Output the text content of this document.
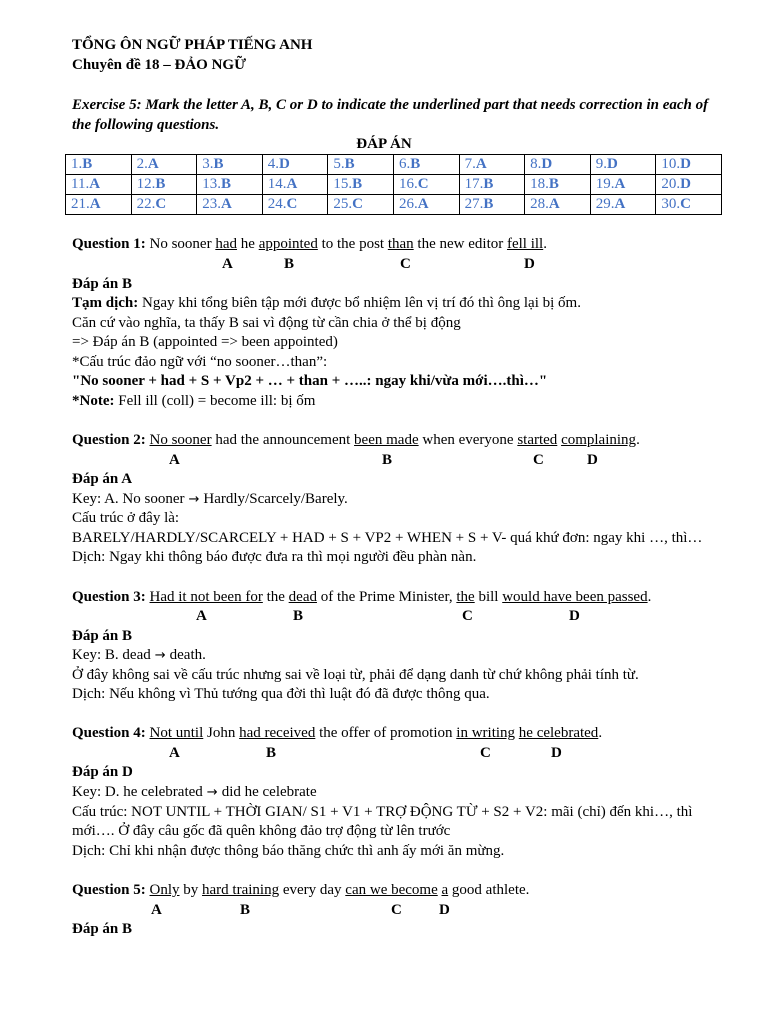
TỔNG ÔN NGỮ PHÁP TIẾNG ANH
Chuyên đề 18 – ĐẢO NGỮ
Exercise 5: Mark the letter A, B, C or D to indicate the underlined part that needs correction in each of
the following questions.
ĐÁP ÁN
1.B	2.A	3.B	4.D	5.B	6.B	7.A	8.D	9.D	10.D
11.A	12.B	13.B	14.A	15.B	16.C	17.B	18.B	19.A	20.D
21.A	22.C	23.A	24.C	25.C	26.A	27.B	28.A	29.A	30.C
Question 1: No sooner had he appointed to the post than the new editor fell ill.
A	B	C	D
Đáp án B
Tạm dịch: Ngay khi tổng biên tập mới được bổ nhiệm lên vị trí đó thì ông lại bị ốm.
Căn cứ vào nghĩa, ta thấy B sai vì động từ cần chia ở thể bị động
=> Đáp án B (appointed => been appointed)
*Cấu trúc đảo ngữ với “no sooner…than”:
"No sooner + had + S + Vp2 + … + than + …..: ngay khi/vừa mới….thì…"
*Note: Fell ill (coll) = become ill: bị ốm
Question 2: No sooner had the announcement been made when everyone started complaining.
A	B	C	D
Đáp án A
Key: A. No sooner → Hardly/Scarcely/Barely.
Cấu trúc ở đây là:
BARELY/HARDLY/SCARCELY + HAD + S + VP2 + WHEN + S + V- quá khứ đơn: ngay khi …, thì…
Dịch: Ngay khi thông báo được đưa ra thì mọi người đều phàn nàn.
Question 3: Had it not been for the dead of the Prime Minister, the bill would have been passed.
A	B	C	D
Đáp án B
Key: B. dead → death.
Ở đây không sai về cấu trúc nhưng sai về loại từ, phải để dạng danh từ chứ không phải tính từ.
Dịch: Nếu không vì Thủ tướng qua đời thì luật đó đã được thông qua.
Question 4: Not until John had received the offer of promotion in writing he celebrated.
A	B	C	D
Đáp án D
Key: D. he celebrated → did he celebrate
Cấu trúc: NOT UNTIL + THỜI GIAN/ S1 + V1 + TRỢ ĐỘNG TỪ + S2 + V2: mãi (chỉ) đến khi…, thì
mới…. Ở đây câu gốc đã quên không đảo trợ động từ lên trước
Dịch: Chỉ khi nhận được thông báo thăng chức thì anh ấy mới ăn mừng.
Question 5: Only by hard training every day can we become a good athlete.
A	B	C D
Đáp án B
